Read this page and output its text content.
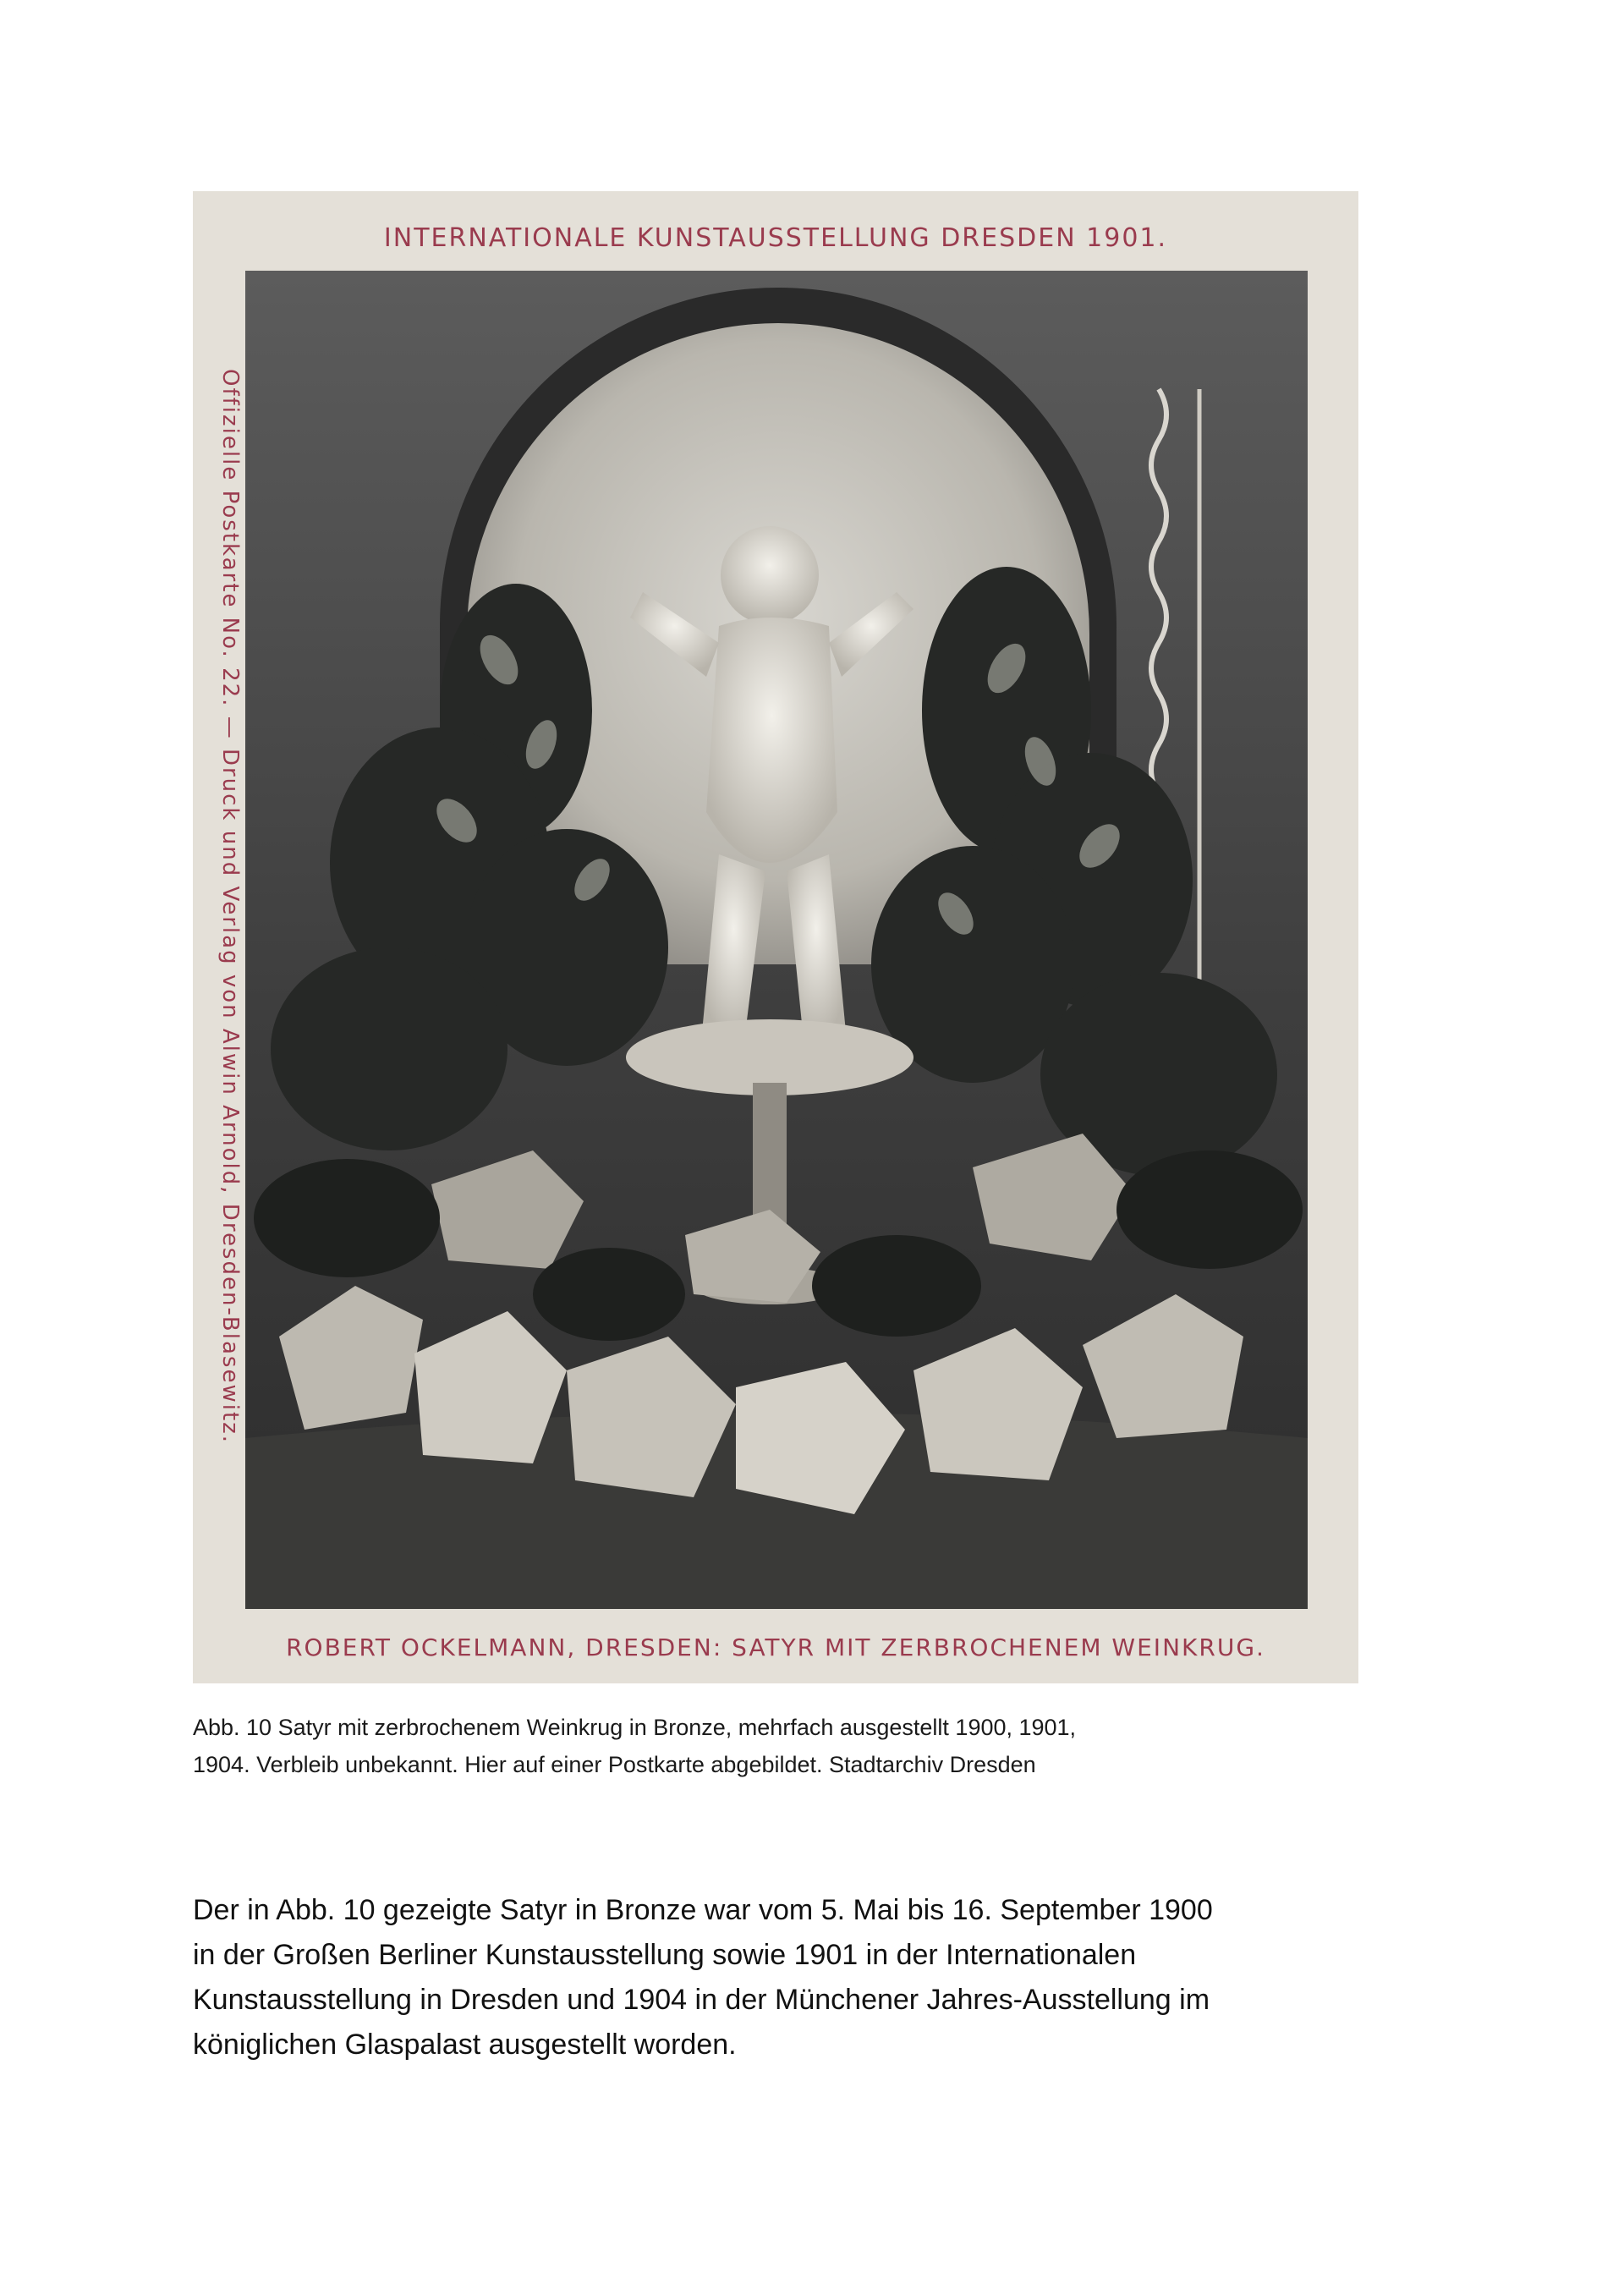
INTERNATIONALE KUNSTAUSSTELLUNG DRESDEN 1901.
Offizielle Postkarte No. 22. — Druck und Verlag von Alwin Arnold, Dresden-Blasewitz.
ROBERT OCKELMANN, DRESDEN: SATYR MIT ZERBROCHENEM WEINKRUG.
Abb. 10 Satyr mit zerbrochenem Weinkrug in Bronze, mehrfach ausgestellt 1900, 1901,
1904. Verbleib unbekannt. Hier auf einer Postkarte abgebildet. Stadtarchiv Dresden
Der in Abb. 10 gezeigte Satyr in Bronze war vom 5. Mai bis 16. September 1900
in der Großen Berliner Kunstausstellung sowie 1901 in der Internationalen
Kunstausstellung in Dresden und 1904 in der Münchener Jahres-Ausstellung im
königlichen Glaspalast ausgestellt worden.
